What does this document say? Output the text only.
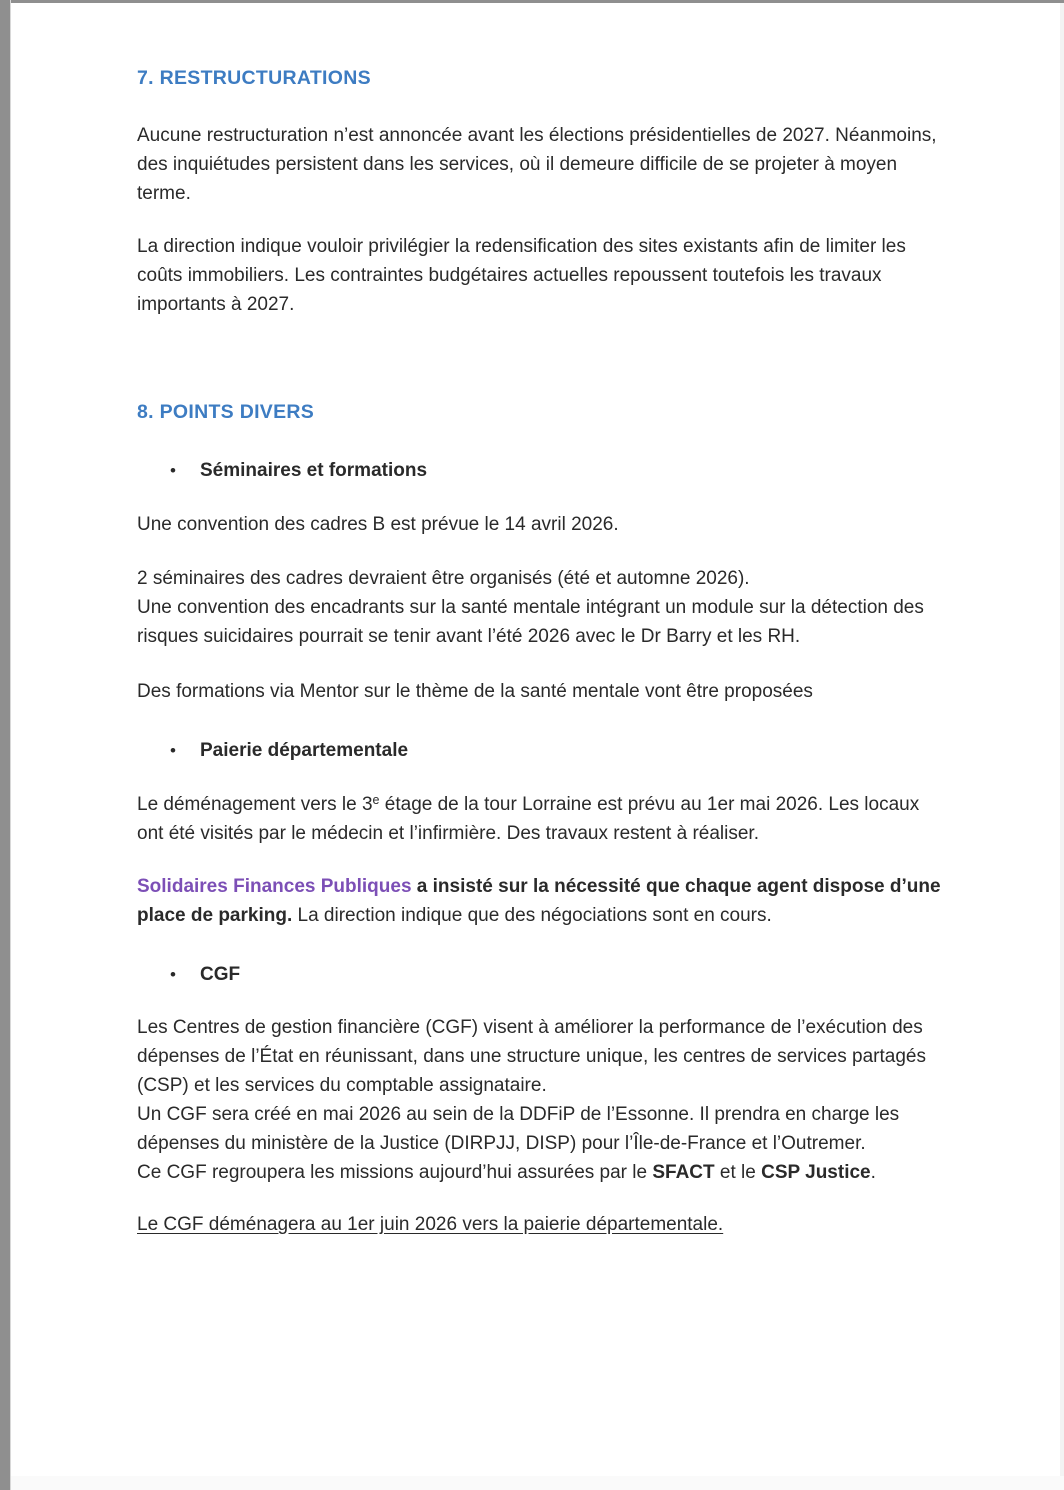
7. RESTRUCTURATIONS

Aucune restructuration n’est annoncée avant les élections présidentielles de 2027. Néanmoins, des inquiétudes persistent dans les services, où il demeure difficile de se projeter à moyen terme.

La direction indique vouloir privilégier la redensification des sites existants afin de limiter les coûts immobiliers. Les contraintes budgétaires actuelles repoussent toutefois les travaux importants à 2027.

8. POINTS DIVERS
•	Séminaires et formations

Une convention des cadres B est prévue le 14 avril 2026.

2 séminaires des cadres devraient être organisés (été et automne 2026).
Une convention des encadrants sur la santé mentale intégrant un module sur la détection des risques suicidaires pourrait se tenir avant l’été 2026 avec le Dr Barry et les RH.

Des formations via Mentor sur le thème de la santé mentale vont être proposées

•	Paierie départementale

Le déménagement vers le 3e étage de la tour Lorraine est prévu au 1er mai 2026. Les locaux ont été visités par le médecin et l’infirmière. Des travaux restent à réaliser.

Solidaires Finances Publiques a insisté sur la nécessité que chaque agent dispose d’une place de parking. La direction indique que des négociations sont en cours.

•	CGF
Les Centres de gestion financière (CGF) visent à améliorer la performance de l’exécution des dépenses de l’État en réunissant, dans une structure unique, les centres de services partagés (CSP) et les services du comptable assignataire.
Un CGF sera créé en mai 2026 au sein de la DDFiP de l’Essonne. Il prendra en charge les dépenses du ministère de la Justice (DIRPJJ, DISP) pour l’Île-de-France et l’Outremer.
Ce CGF regroupera les missions aujourd’hui assurées par le SFACT et le CSP Justice.

Le CGF déménagera au 1er juin 2026 vers la paierie départementale.
